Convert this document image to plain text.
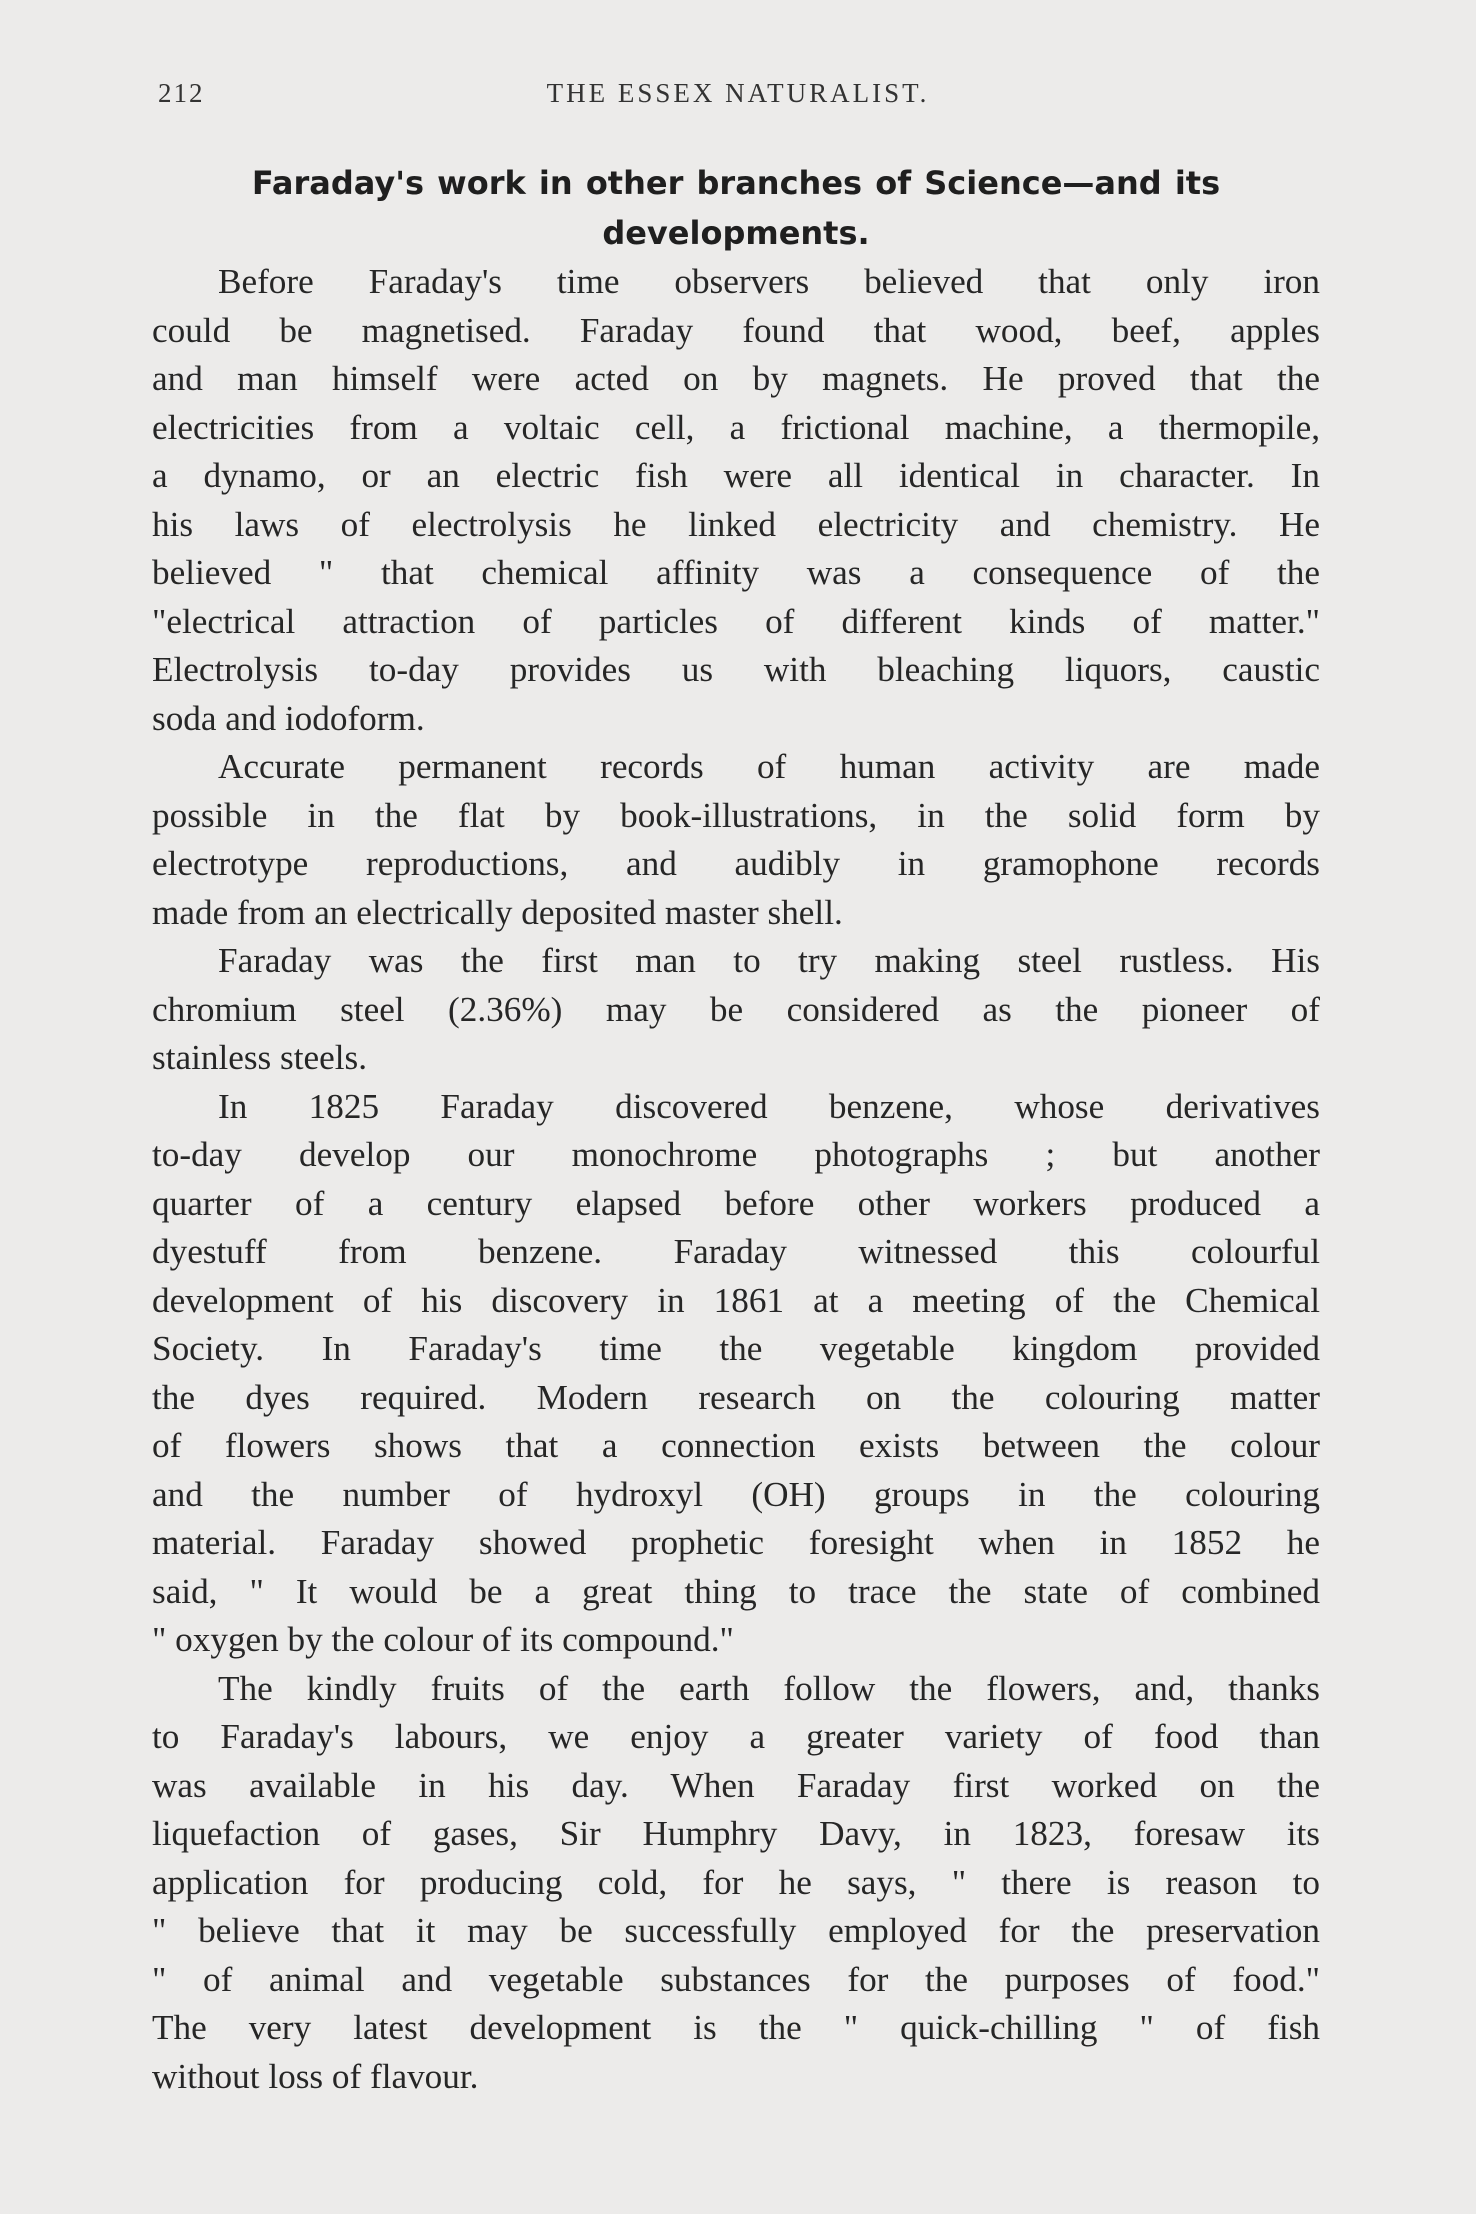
212	THE ESSEX NATURALIST.
Faraday's work in other branches of Science—and its
developments.

Before Faraday's time observers believed that only iron
could be magnetised. Faraday found that wood, beef, apples
and man himself were acted on by magnets. He proved that the
electricities from a voltaic cell, a frictional machine, a thermopile,
a dynamo, or an electric fish were all identical in character. In
his laws of electrolysis he linked electricity and chemistry. He
believed " that chemical affinity was a consequence of the
"electrical attraction of particles of different kinds of matter."
Electrolysis to-day provides us with bleaching liquors, caustic
soda and iodoform.

Accurate permanent records of human activity are made
possible in the flat by book-illustrations, in the solid form by
electrotype reproductions, and audibly in gramophone records
made from an electrically deposited master shell.

Faraday was the first man to try making steel rustless. His
chromium steel (2.36%) may be considered as the pioneer of
stainless steels.

In 1825 Faraday discovered benzene, whose derivatives
to-day develop our monochrome photographs ; but another
quarter of a century elapsed before other workers produced a
dyestuff from benzene. Faraday witnessed this colourful
development of his discovery in 1861 at a meeting of the Chemical
Society. In Faraday's time the vegetable kingdom provided
the dyes required. Modern research on the colouring matter
of flowers shows that a connection exists between the colour
and the number of hydroxyl (OH) groups in the colouring
material. Faraday showed prophetic foresight when in 1852 he
said, " It would be a great thing to trace the state of combined
" oxygen by the colour of its compound."

The kindly fruits of the earth follow the flowers, and, thanks
to Faraday's labours, we enjoy a greater variety of food than
was available in his day. When Faraday first worked on the
liquefaction of gases, Sir Humphry Davy, in 1823, foresaw its
application for producing cold, for he says, " there is reason to
" believe that it may be successfully employed for the preservation
" of animal and vegetable substances for the purposes of food."
The very latest development is the " quick-chilling " of fish
without loss of flavour.
